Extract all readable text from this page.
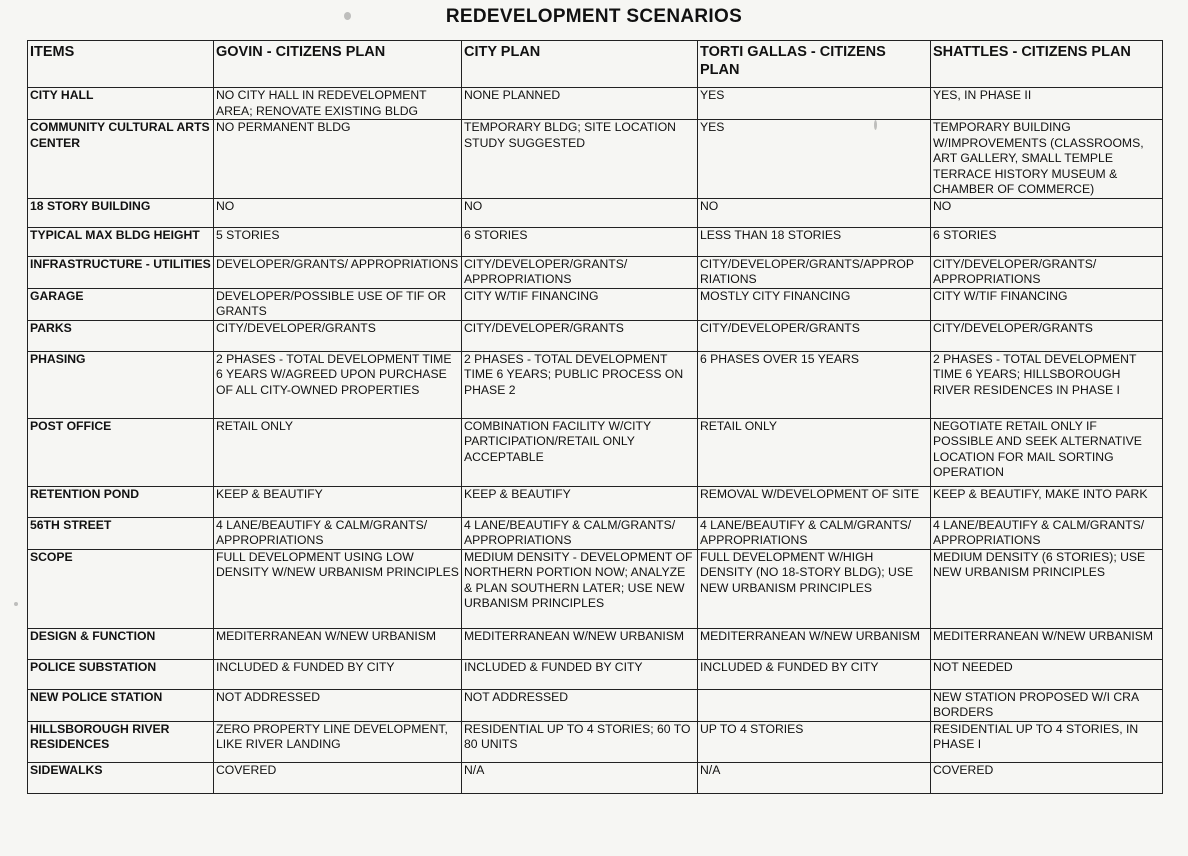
REDEVELOPMENT SCENARIOS
ITEMS	GOVIN - CITIZENS PLAN	CITY PLAN	TORTI GALLAS - CITIZENS PLAN	SHATTLES - CITIZENS PLAN
CITY HALL	NO CITY HALL IN REDEVELOPMENT AREA; RENOVATE EXISTING BLDG	NONE PLANNED	YES	YES, IN PHASE II
COMMUNITY CULTURAL ARTS CENTER	NO PERMANENT BLDG	TEMPORARY BLDG; SITE LOCATION STUDY SUGGESTED	YES	TEMPORARY BUILDING W/IMPROVEMENTS (CLASSROOMS, ART GALLERY, SMALL TEMPLE TERRACE HISTORY MUSEUM & CHAMBER OF COMMERCE)
18 STORY BUILDING	NO	NO	NO	NO
TYPICAL MAX BLDG HEIGHT	5 STORIES	6 STORIES	LESS THAN 18 STORIES	6 STORIES
INFRASTRUCTURE - UTILITIES	DEVELOPER/GRANTS/ APPROPRIATIONS	CITY/DEVELOPER/GRANTS/ APPROPRIATIONS	CITY/DEVELOPER/GRANTS/APPROP RIATIONS	CITY/DEVELOPER/GRANTS/ APPROPRIATIONS
GARAGE	DEVELOPER/POSSIBLE USE OF TIF OR GRANTS	CITY W/TIF FINANCING	MOSTLY CITY FINANCING	CITY W/TIF FINANCING
PARKS	CITY/DEVELOPER/GRANTS	CITY/DEVELOPER/GRANTS	CITY/DEVELOPER/GRANTS	CITY/DEVELOPER/GRANTS
PHASING	2 PHASES - TOTAL DEVELOPMENT TIME 6 YEARS W/AGREED UPON PURCHASE OF ALL CITY-OWNED PROPERTIES	2 PHASES - TOTAL DEVELOPMENT TIME 6 YEARS; PUBLIC PROCESS ON PHASE 2	6 PHASES OVER 15 YEARS	2 PHASES - TOTAL DEVELOPMENT TIME 6 YEARS; HILLSBOROUGH RIVER RESIDENCES IN PHASE I
POST OFFICE	RETAIL ONLY	COMBINATION FACILITY W/CITY PARTICIPATION/RETAIL ONLY ACCEPTABLE	RETAIL ONLY	NEGOTIATE RETAIL ONLY IF POSSIBLE AND SEEK ALTERNATIVE LOCATION FOR MAIL SORTING OPERATION
RETENTION POND	KEEP & BEAUTIFY	KEEP & BEAUTIFY	REMOVAL W/DEVELOPMENT OF SITE	KEEP & BEAUTIFY, MAKE INTO PARK
56TH STREET	4 LANE/BEAUTIFY & CALM/GRANTS/ APPROPRIATIONS	4 LANE/BEAUTIFY & CALM/GRANTS/ APPROPRIATIONS	4 LANE/BEAUTIFY & CALM/GRANTS/ APPROPRIATIONS	4 LANE/BEAUTIFY & CALM/GRANTS/ APPROPRIATIONS
SCOPE	FULL DEVELOPMENT USING LOW DENSITY W/NEW URBANISM PRINCIPLES	MEDIUM DENSITY - DEVELOPMENT OF NORTHERN PORTION NOW; ANALYZE & PLAN SOUTHERN LATER; USE NEW URBANISM PRINCIPLES	FULL DEVELOPMENT W/HIGH DENSITY (NO 18-STORY BLDG); USE NEW URBANISM PRINCIPLES	MEDIUM DENSITY (6 STORIES); USE NEW URBANISM PRINCIPLES
DESIGN & FUNCTION	MEDITERRANEAN W/NEW URBANISM	MEDITERRANEAN W/NEW URBANISM	MEDITERRANEAN W/NEW URBANISM	MEDITERRANEAN W/NEW URBANISM
POLICE SUBSTATION	INCLUDED & FUNDED BY CITY	INCLUDED & FUNDED BY CITY	INCLUDED & FUNDED BY CITY	NOT NEEDED
NEW POLICE STATION	NOT ADDRESSED	NOT ADDRESSED		NEW STATION PROPOSED W/I CRA BORDERS
HILLSBOROUGH RIVER RESIDENCES	ZERO PROPERTY LINE DEVELOPMENT, LIKE RIVER LANDING	RESIDENTIAL UP TO 4 STORIES; 60 TO 80 UNITS	UP TO 4 STORIES	RESIDENTIAL UP TO 4 STORIES, IN PHASE I
SIDEWALKS	COVERED	N/A	N/A	COVERED
